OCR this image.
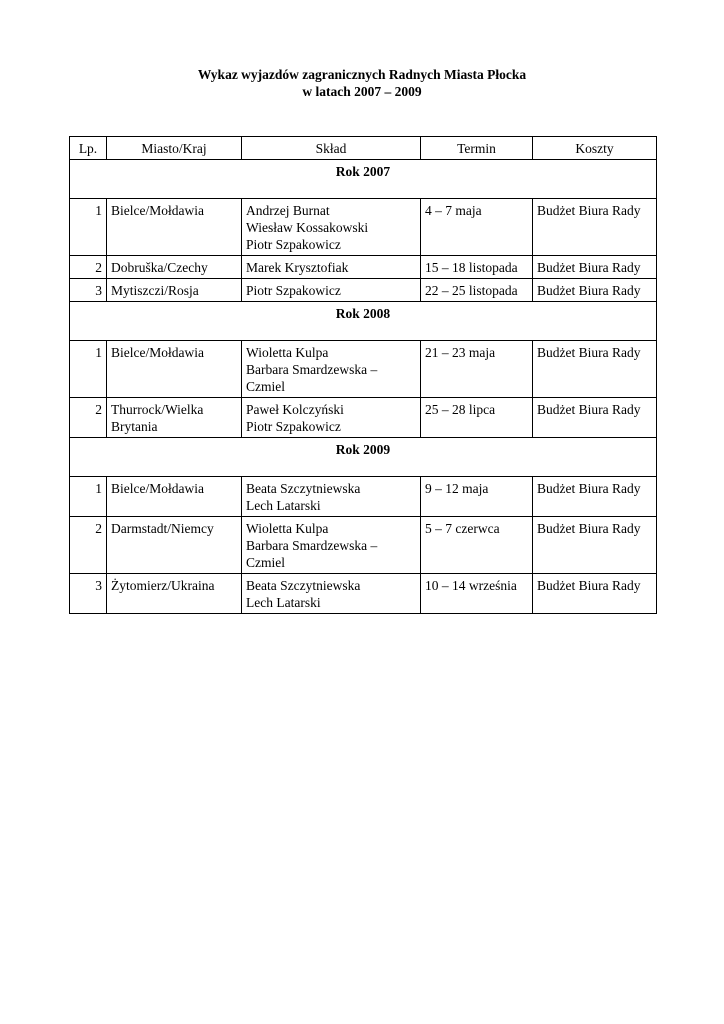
Wykaz wyjazdów zagranicznych Radnych Miasta Płocka
w latach 2007 – 2009
Lp.	Miasto/Kraj	Skład	Termin	Koszty
Rok 2007				
1	Bielce/Mołdawia	Andrzej Burnat
Wiesław Kossakowski
Piotr Szpakowicz	4 – 7 maja	Budżet Biura Rady
2	Dobruška/Czechy	Marek Krysztofiak	15 – 18 listopada	Budżet Biura Rady
3	Mytiszczi/Rosja	Piotr Szpakowicz	22 – 25 listopada	Budżet Biura Rady
Rok 2008				
1	Bielce/Mołdawia	Wioletta Kulpa
Barbara Smardzewska – Czmiel	21 – 23 maja	Budżet Biura Rady
2	Thurrock/Wielka Brytania	Paweł Kolczyński
Piotr Szpakowicz	25 – 28 lipca	Budżet Biura Rady
Rok 2009				
1	Bielce/Mołdawia	Beata Szczytniewska
Lech Latarski	9 – 12 maja	Budżet Biura Rady
2	Darmstadt/Niemcy	Wioletta Kulpa
Barbara Smardzewska – Czmiel	5 – 7 czerwca	Budżet Biura Rady
3	Żytomierz/Ukraina	Beata Szczytniewska
Lech Latarski	10 – 14 września	Budżet Biura Rady
